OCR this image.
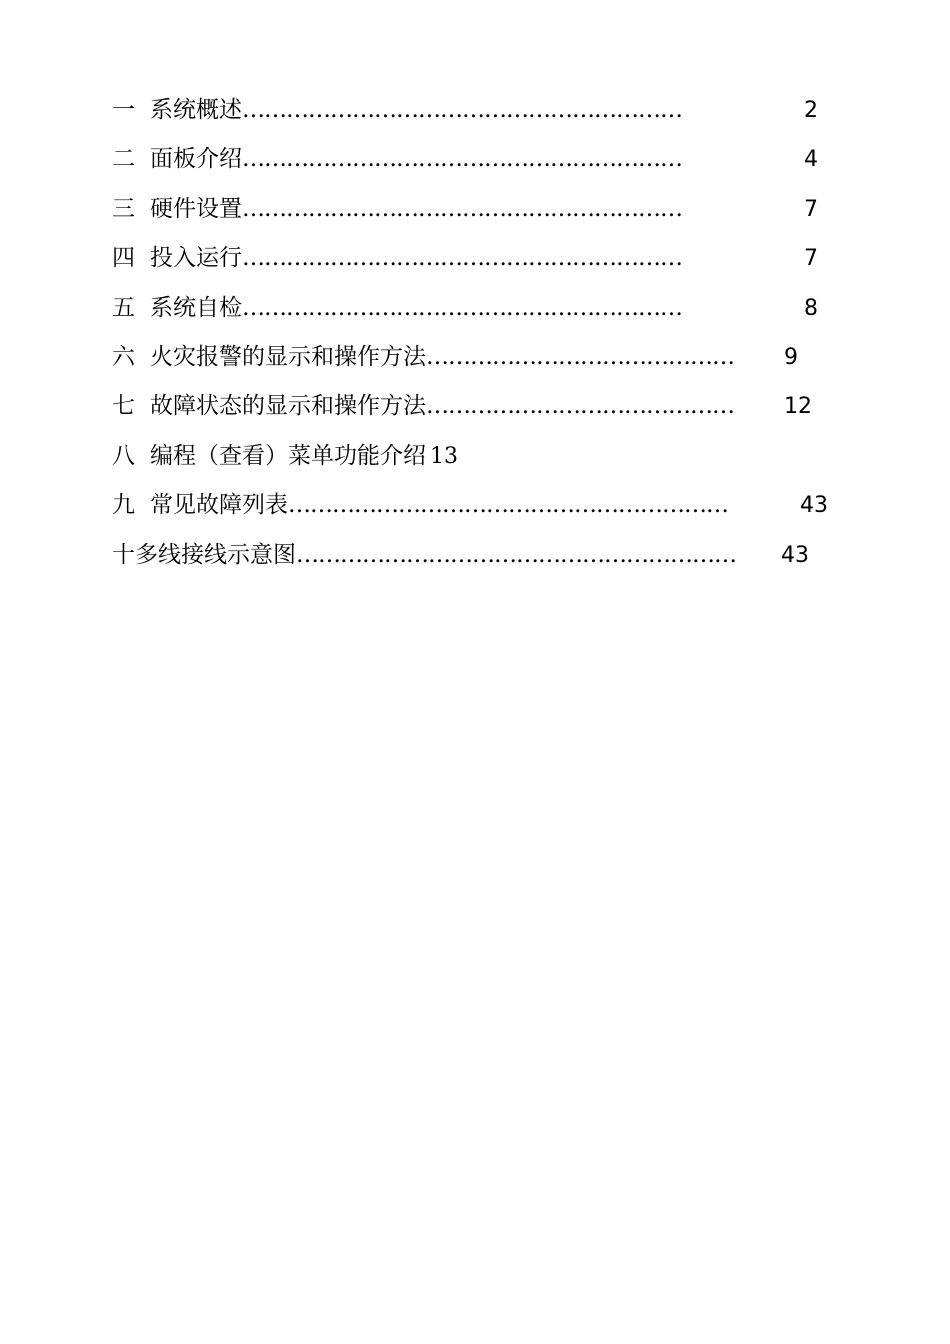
一 系统概述 ……………………………………………………	2
二 面板介绍 ……………………………………………………	4
三 硬件设置 ……………………………………………………	7
四 投入运行 ……………………………………………………	7
五 系统自检 ……………………………………………………	8
六 火灾报警的显示和操作方法 ……………………………………	9
七 故障状态的显示和操作方法 ……………………………………	12
八 编程（查看）菜单功能介绍 13
九 常见故障列表 ……………………………………………………	43
十 多线接线示意图 ……………………………………………………	43
